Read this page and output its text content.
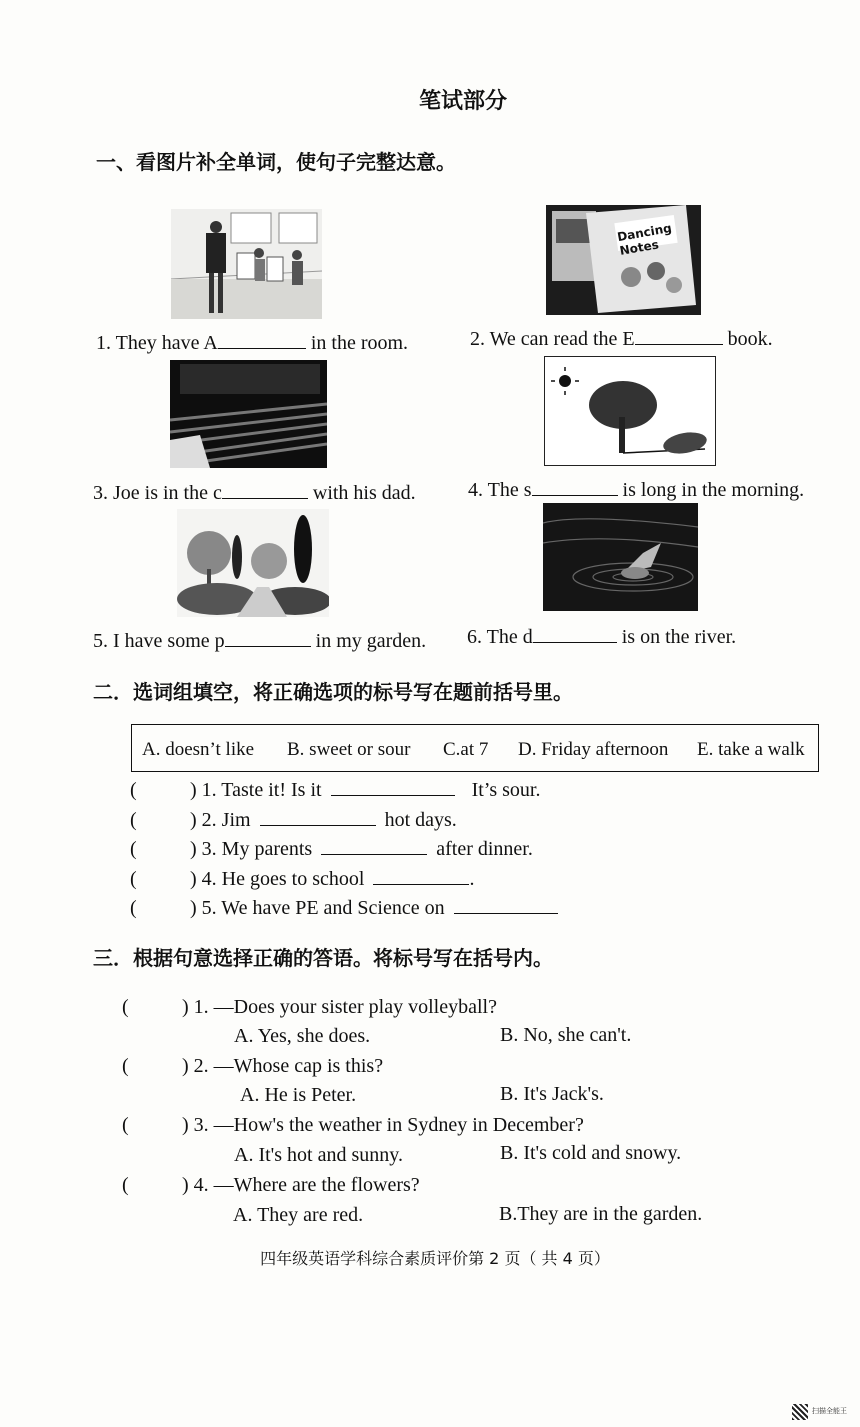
笔试部分
一、看图片补全单词，使句子完整达意。
Dancing Notes
1. They have A	in the room.	2. We can read the E	book.
3. Joe is in the c	with his dad.	4. The s	is long in the morning.
5. I have some p	in my garden. 6. The d	is on the river.
二．选词组填空，将正确选项的标号写在题前括号里。
A. doesn’t like B. sweet or sour C.at 7 D. Friday afternoon E. take a walk
(	) 1. Taste it! Is it	It’s sour.
(	) 2. Jim	hot days.
(	) 3. My parents	after dinner.
(	) 4. He goes to school	.
(	) 5. We have PE and Science on
三．根据句意选择正确的答语。将标号写在括号内。
(	) 1. —Does your sister play volleyball?
A. Yes, she does.	B. No, she can't.
(	) 2. —Whose cap is this?
A. He is Peter.	B. It's Jack's.
(	) 3. —How's the weather in Sydney in December?
A. It's hot and sunny.	B. It's cold and snowy.
(	) 4. —Where are the flowers?
A. They are red.	B.They are in the garden.
四年级英语学科综合素质评价第 2 页（ 共 4 页）
扫描全能王
